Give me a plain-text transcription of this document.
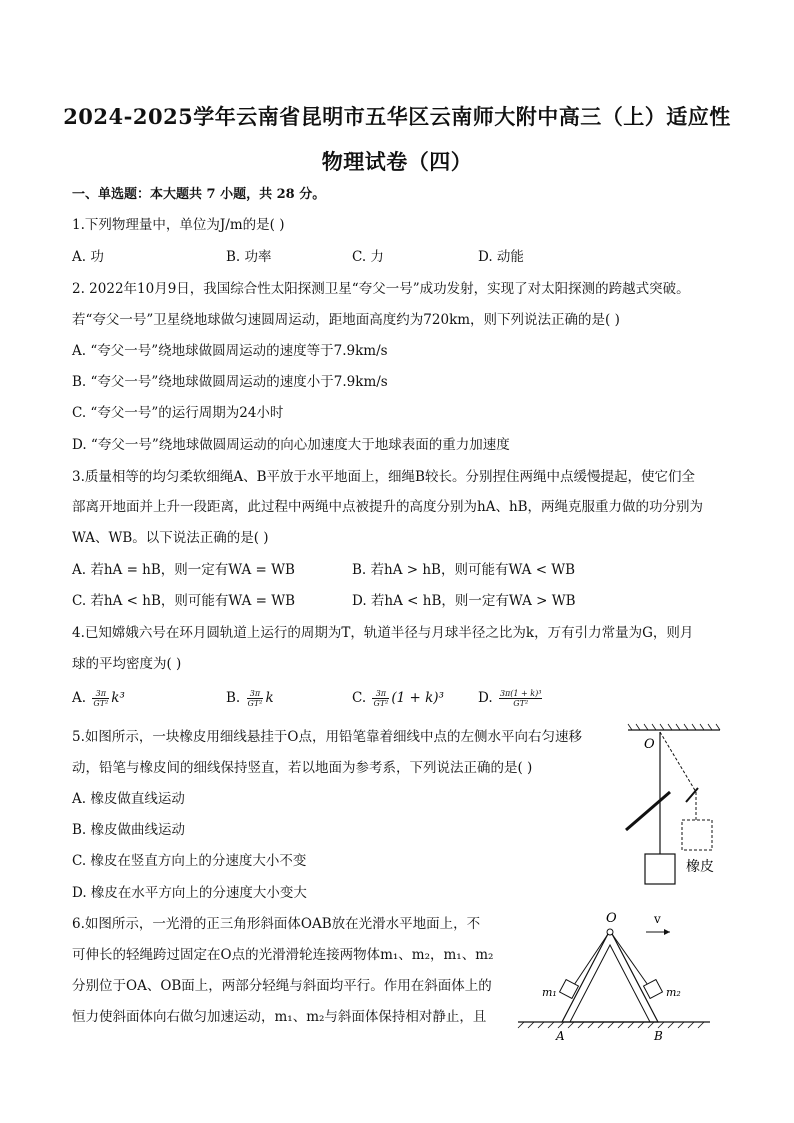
2024-2025学年云南省昆明市五华区云南师大附中高三（上）适应性
物理试卷（四）
一、单选题：本大题共 7 小题，共 28 分。
1.下列物理量中，单位为J/m的是( )
A. 功	B. 功率	C. 力	D. 动能
2. 2022年10月9日，我国综合性太阳探测卫星“夸父一号”成功发射，实现了对太阳探测的跨越式突破。
若“夸父一号”卫星绕地球做匀速圆周运动，距地面高度约为720km，则下列说法正确的是( )
A. “夸父一号”绕地球做圆周运动的速度等于7.9km/s
B. “夸父一号”绕地球做圆周运动的速度小于7.9km/s
C. “夸父一号”的运行周期为24小时
D. “夸父一号”绕地球做圆周运动的向心加速度大于地球表面的重力加速度
3.质量相等的均匀柔软细绳A、B平放于水平地面上，细绳B较长。分别捏住两绳中点缓慢提起，使它们全
部离开地面并上升一段距离，此过程中两绳中点被提升的高度分别为hA、hB，两绳克服重力做的功分别为
WA、WB。以下说法正确的是( )
A. 若hA = hB，则一定有WA = WB	B. 若hA > hB，则可能有WA < WB
C. 若hA < hB，则可能有WA = WB	D. 若hA < hB，则一定有WA > WB
4.已知嫦娥六号在环月圆轨道上运行的周期为T，轨道半径与月球半径之比为k，万有引力常量为G，则月
球的平均密度为( )
A. $\frac{3\pi}{\text{GT²}} k^3$	B. $\frac{3\pi}{\text{GT²}}$ k	C. $\frac{3\pi}{\text{GT²}} (1 + k)^3$	D. $\frac{\text{3π(1 + k)³}}{\text{GT²}}$
5.如图所示，一块橡皮用细线悬挂于O点，用铅笔靠着细线中点的左侧水平向右匀速移
动，铅笔与橡皮间的细线保持竖直，若以地面为参考系，下列说法正确的是( )
A. 橡皮做直线运动
B. 橡皮做曲线运动
C. 橡皮在竖直方向上的分速度大小不变
D. 橡皮在水平方向上的分速度大小变大
O
橡皮
6.如图所示，一光滑的正三角形斜面体OAB放在光滑水平地面上，不
可伸长的轻绳跨过固定在O点的光滑滑轮连接两物体m₁、m₂，m₁、m₂
分别位于OA、OB面上，两部分轻绳与斜面均平行。作用在斜面体上的
恒力使斜面体向右做匀加速运动，m₁、m₂与斜面体保持相对静止，且
O	v
m₁	m₂
A	B
